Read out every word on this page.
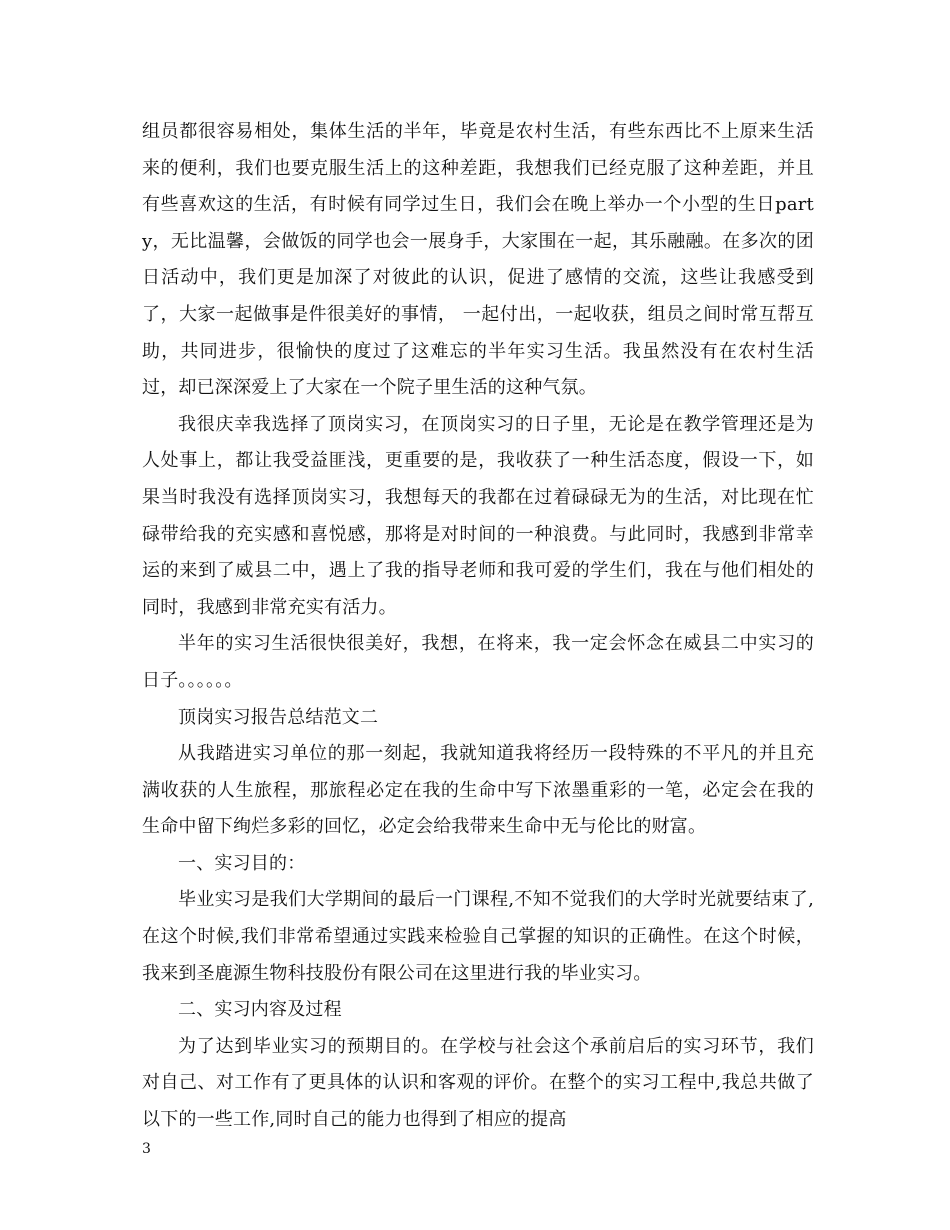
组员都很容易相处，集体生活的半年，毕竟是农村生活，有些东西比不上原来生活来的便利，我们也要克服生活上的这种差距，我想我们已经克服了这种差距，并且有些喜欢这的生活，有时候有同学过生日，我们会在晚上举办一个小型的生日party，无比温馨，会做饭的同学也会一展身手，大家围在一起，其乐融融。在多次的团日活动中，我们更是加深了对彼此的认识，促进了感情的交流，这些让我感受到了，大家一起做事是件很美好的事情， 一起付出，一起收获，组员之间时常互帮互助，共同进步，很愉快的度过了这难忘的半年实习生活。我虽然没有在农村生活过，却已深深爱上了大家在一个院子里生活的这种气氛。

我很庆幸我选择了顶岗实习，在顶岗实习的日子里，无论是在教学管理还是为人处事上，都让我受益匪浅，更重要的是，我收获了一种生活态度，假设一下，如果当时我没有选择顶岗实习，我想每天的我都在过着碌碌无为的生活，对比现在忙碌带给我的充实感和喜悦感，那将是对时间的一种浪费。与此同时，我感到非常幸运的来到了威县二中，遇上了我的指导老师和我可爱的学生们，我在与他们相处的同时，我感到非常充实有活力。

半年的实习生活很快很美好，我想，在将来，我一定会怀念在威县二中实习的日子。。。。。。

顶岗实习报告总结范文二

从我踏进实习单位的那一刻起，我就知道我将经历一段特殊的不平凡的并且充满收获的人生旅程，那旅程必定在我的生命中写下浓墨重彩的一笔，必定会在我的生命中留下绚烂多彩的回忆，必定会给我带来生命中无与伦比的财富。

一、实习目的：

毕业实习是我们大学期间的最后一门课程,不知不觉我们的大学时光就要结束了,在这个时候,我们非常希望通过实践来检验自己掌握的知识的正确性。在这个时候，我来到圣鹿源生物科技股份有限公司在这里进行我的毕业实习。

二、实习内容及过程

为了达到毕业实习的预期目的。在学校与社会这个承前启后的实习环节，我们对自己、对工作有了更具体的认识和客观的评价。在整个的实习工程中,我总共做了以下的一些工作,同时自己的能力也得到了相应的提高

3
